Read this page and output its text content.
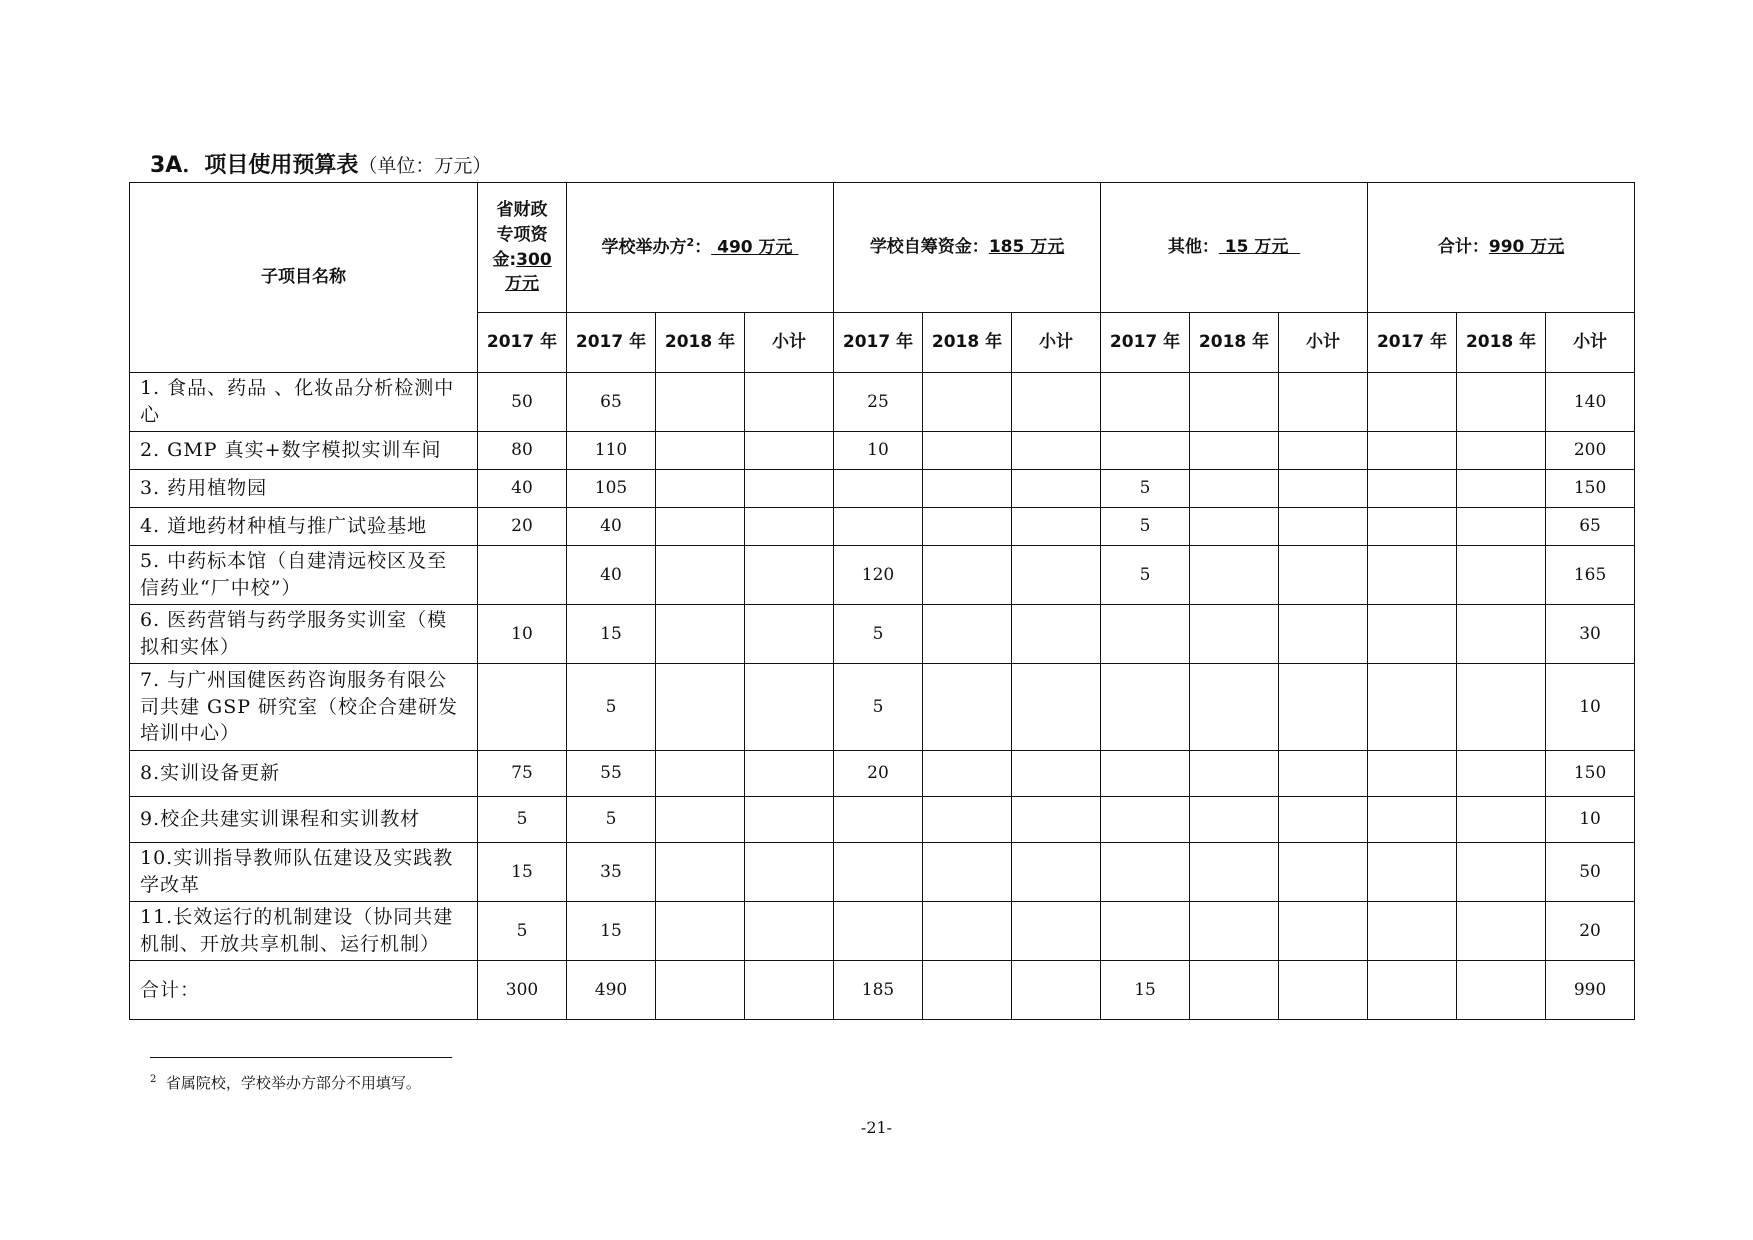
3A．项目使用预算表（单位：万元）
子项目名称	省财政
专项资
金:300
万元	学校举办方$^2$： 490 万元			学校自筹资金：185 万元			其他： 15 万元			合计：990 万元		
	2017 年	2017 年	2018 年	小计	2017 年	2018 年	小计	2017 年	2018 年	小计	2017 年	2018 年	小计
1. 食品、药品 、化妆品分析检测中心	50	65			25								140
2. GMP 真实+数字模拟实训车间	80	110			10								200
3. 药用植物园	40	105						5					150
4. 道地药材种植与推广试验基地	20	40						5					65
5. 中药标本馆（自建清远校区及至信药业“厂中校”）		40			120			5					165
6. 医药营销与药学服务实训室（模拟和实体）	10	15			5								30
7. 与广州国健医药咨询服务有限公司共建 GSP 研究室（校企合建研发培训中心）		5			5								10
8.实训设备更新	75	55			20								150
9.校企共建实训课程和实训教材	5	5											10
10.实训指导教师队伍建设及实践教学改革	15	35											50
11.长效运行的机制建设（协同共建机制、开放共享机制、运行机制）	5	15											20
合计：	300	490			185			15					990
$^2$ 省属院校，学校举办方部分不用填写。
-21-
